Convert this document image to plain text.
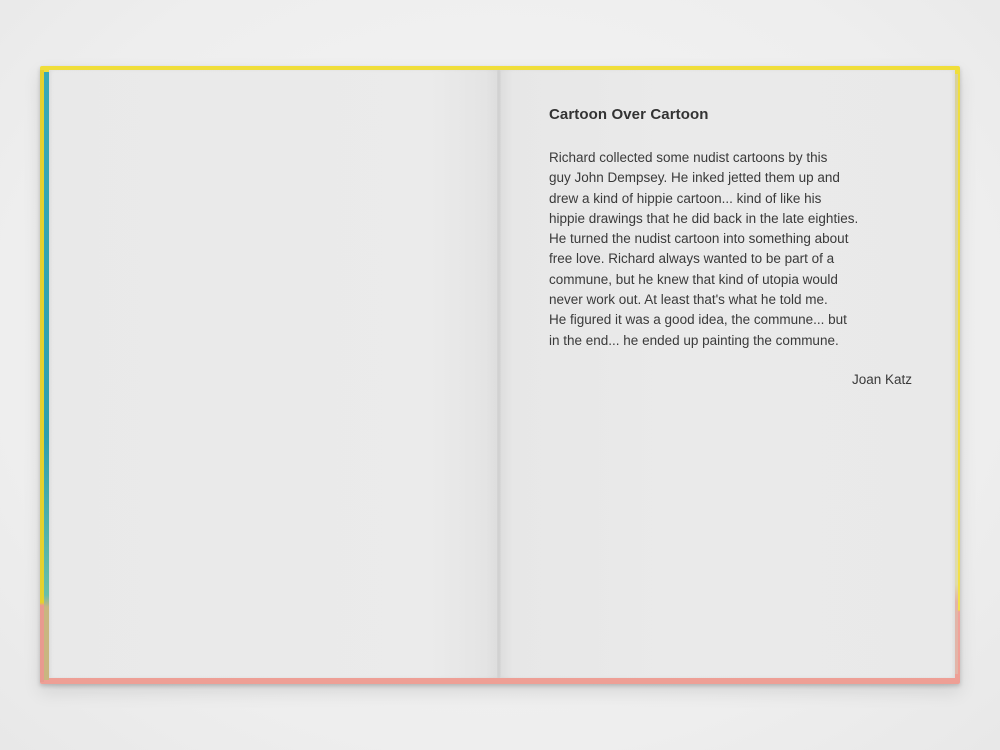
Cartoon Over Cartoon

Richard collected some nudist cartoons by this
guy John Dempsey. He inked jetted them up and
drew a kind of hippie cartoon... kind of like his
hippie drawings that he did back in the late eighties.
He turned the nudist cartoon into something about
free love. Richard always wanted to be part of a
commune, but he knew that kind of utopia would
never work out. At least that's what he told me.
He figured it was a good idea, the commune... but
in the end... he ended up painting the commune.

Joan Katz
